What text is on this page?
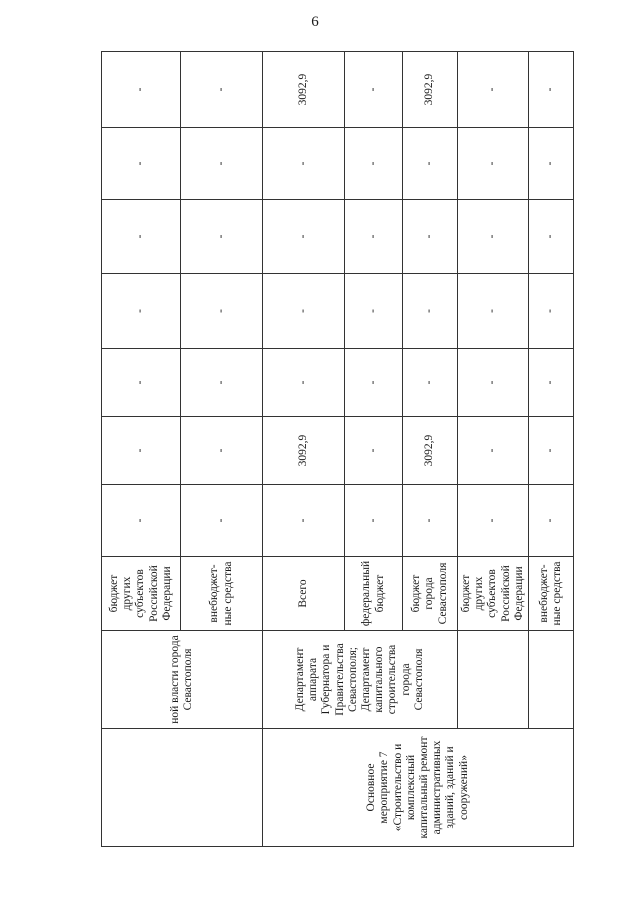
6
	ной власти города Севастополя	бюджет других субъектов Российской Федерации	-	-	-	-	-	-	-
		внебюджет-ные средства	-	-	-	-	-	-	-
Основное мероприятие 7 «Строительство и комплексный капитальный ремонт административных зданий, зданий и сооружений»	Департамент аппарата Губернатора и Правительства Севастополя; Департамент капитального строительства города Севастополя	Всего	-	3092,9	-	-	-	-	3092,9
		федеральный бюджет	-	-	-	-	-	-	-
		бюджет города Севастополя	-	3092,9	-	-	-	-	3092,9
		бюджет других субъектов Российской Федерации	-	-	-	-	-	-	-
		внебюджет-ные средства	-	-	-	-	-	-	-
